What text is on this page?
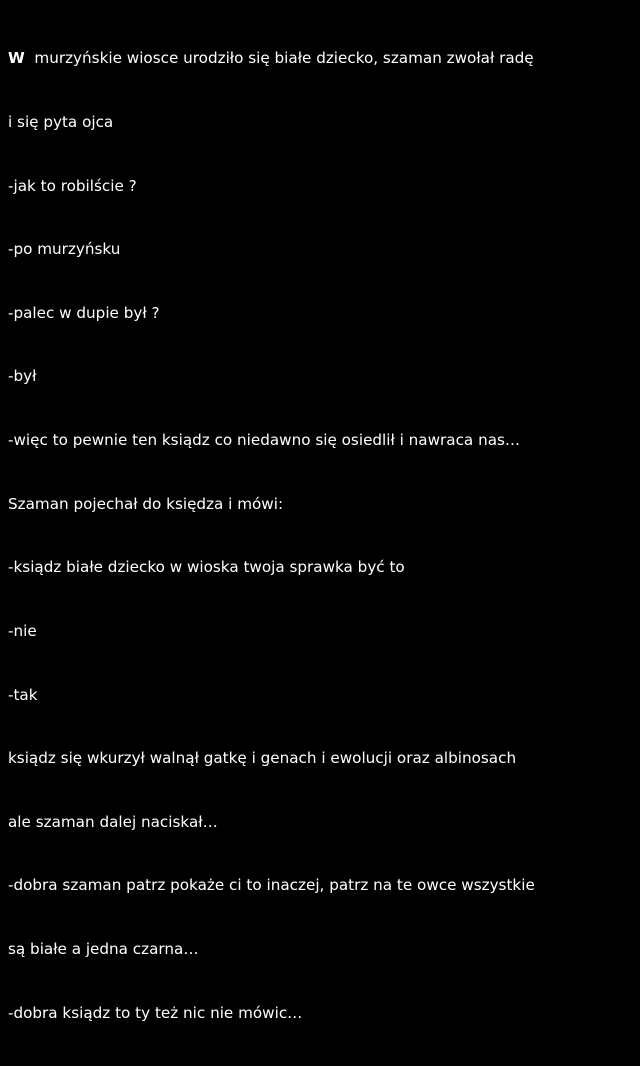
W  murzyńskie wiosce urodziło się białe dziecko, szaman zwołał radę

i się pyta ojca

-jak to robilście ?

-po murzyńsku

-palec w dupie był ?

-był

-więc to pewnie ten ksiądz co niedawno się osiedlił i nawraca nas…

Szaman pojechał do księdza i mówi:

-ksiądz białe dziecko w wioska twoja sprawka być to

-nie

-tak

ksiądz się wkurzył walnął gatkę i genach i ewolucji oraz albinosach

ale szaman dalej naciskał…

-dobra szaman patrz pokaże ci to inaczej, patrz na te owce wszystkie

są białe a jedna czarna…

-dobra ksiądz to ty też nic nie mówic…
